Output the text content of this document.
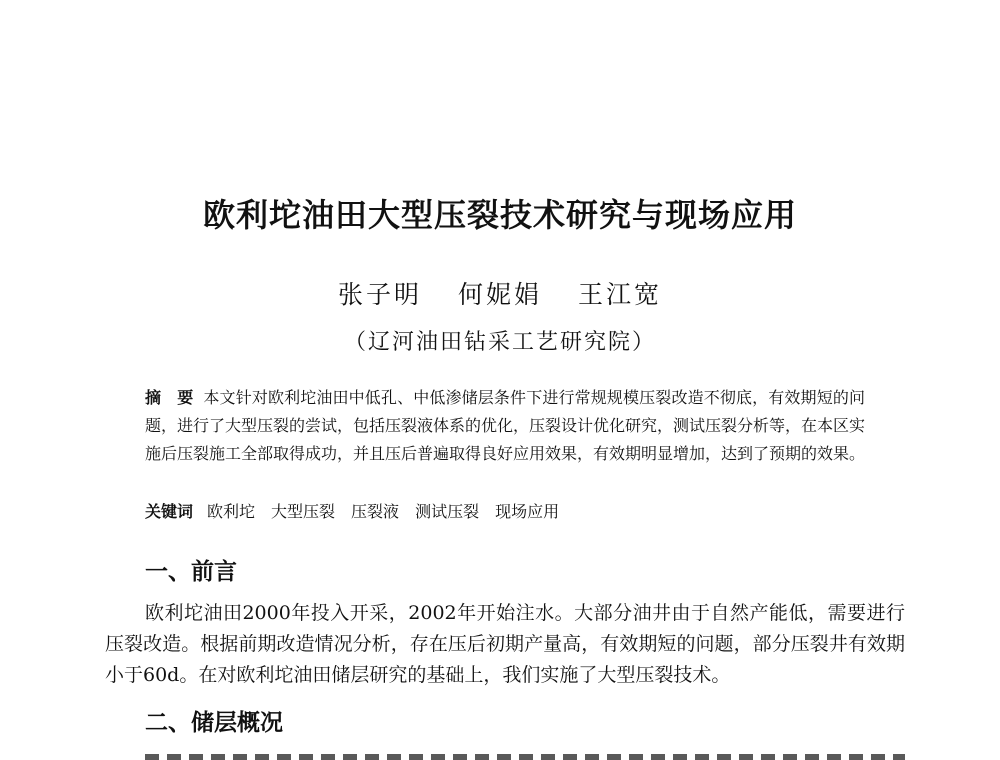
欧利坨油田大型压裂技术研究与现场应用
张子明 何妮娟 王江宽
（辽河油田钻采工艺研究院）
摘　要 本文针对欧利坨油田中低孔、中低渗储层条件下进行常规规模压裂改造不彻底，有效期短的问题，进行了大型压裂的尝试，包括压裂液体系的优化，压裂设计优化研究，测试压裂分析等，在本区实施后压裂施工全部取得成功，并且压后普遍取得良好应用效果，有效期明显增加，达到了预期的效果。
关键词 欧利坨 大型压裂 压裂液 测试压裂 现场应用
一、前言
欧利坨油田2000年投入开采，2002年开始注水。大部分油井由于自然产能低，需要进行压裂改造。根据前期改造情况分析，存在压后初期产量高，有效期短的问题，部分压裂井有效期小于60d。在对欧利坨油田储层研究的基础上，我们实施了大型压裂技术。
二、储层概况
